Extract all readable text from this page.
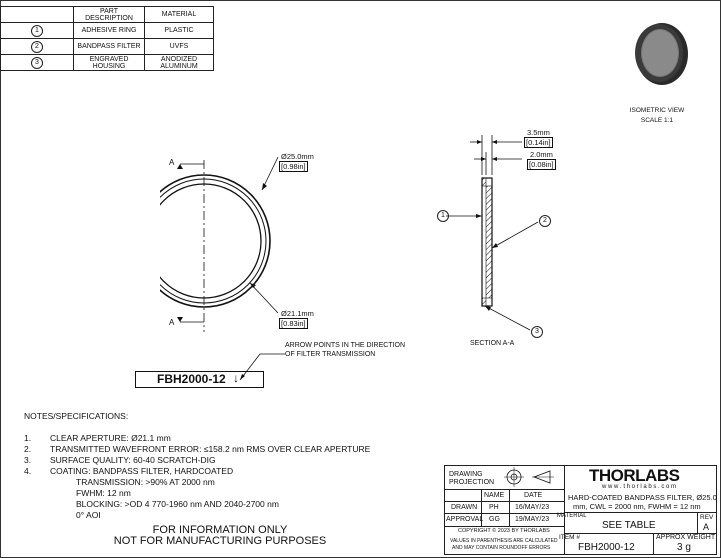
	PART DESCRIPTION	MATERIAL
1	ADHESIVE RING	PLASTIC
2	BANDPASS FILTER	UVFS
3	ENGRAVED HOUSING	ANODIZED ALUMINUM
ISOMETRIC VIEW
SCALE 1:1
A
A
Ø25.0mm
[0.98in]
Ø21.1mm
[0.83in]
3.5mm
[0.14in]
2.0mm
[0.08in]
1
2
3
SECTION A-A
ARROW POINTS IN THE DIRECTION
OF FILTER TRANSMISSION
FBH2000-12 ↓
NOTES/SPECIFICATIONS:
1. CLEAR APERTURE: Ø21.1 mm
2. TRANSMITTED WAVEFRONT ERROR: ≤158.2 nm RMS OVER CLEAR APERTURE
3. SURFACE QUALITY: 60-40 SCRATCH-DIG
4. COATING: BANDPASS FILTER, HARDCOATED
TRANSMISSION: >90% AT 2000 nm
FWHM: 12 nm
BLOCKING: >OD 4 770-1960 nm AND 2040-2700 nm
0° AOI
FOR INFORMATION ONLY
NOT FOR MANUFACTURING PURPOSES
DRAWING
PROJECTION
NAME	DATE
DRAWN PH 16/MAY/23
APPROVAL GG 19/MAY/23
COPYRIGHT © 2023 BY THORLABS
VALUES IN PARENTHESIS ARE CALCULATED
AND MAY CONTAIN ROUNDOFF ERRORS
THORLABS
w w w . t h o r l a b s . c o m
HARD-COATED BANDPASS FILTER, Ø25.0
mm, CWL = 2000 nm, FWHM = 12 nm
MATERIAL
SEE TABLE
REV
A
ITEM #
FBH2000-12
APPROX WEIGHT
3 g
